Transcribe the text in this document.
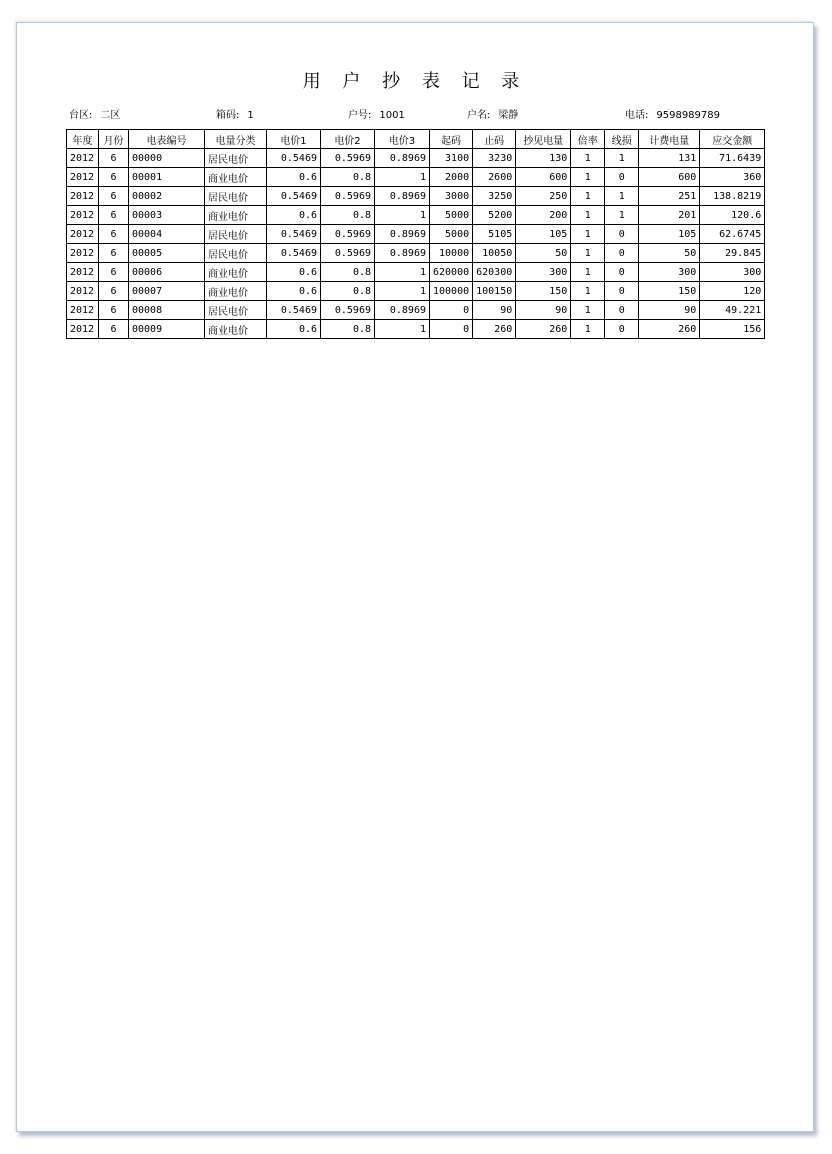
用 户 抄 表 记 录
台区: 二区	箱码: 1	户号: 1001	户名: 梁静	电话: 9598989789
年度	月份	电表编号	电量分类	电价1	电价2	电价3	起码	止码	抄见电量	倍率	线损	计费电量	应交金额
2012	6	00000	居民电价	0.5469	0.5969	0.8969	3100	3230	130	1	1	131	71.6439
2012	6	00001	商业电价	0.6	0.8	1	2000	2600	600	1	0	600	360
2012	6	00002	居民电价	0.5469	0.5969	0.8969	3000	3250	250	1	1	251	138.8219
2012	6	00003	商业电价	0.6	0.8	1	5000	5200	200	1	1	201	120.6
2012	6	00004	居民电价	0.5469	0.5969	0.8969	5000	5105	105	1	0	105	62.6745
2012	6	00005	居民电价	0.5469	0.5969	0.8969	10000	10050	50	1	0	50	29.845
2012	6	00006	商业电价	0.6	0.8	1	620000	620300	300	1	0	300	300
2012	6	00007	商业电价	0.6	0.8	1	100000	100150	150	1	0	150	120
2012	6	00008	居民电价	0.5469	0.5969	0.8969	0	90	90	1	0	90	49.221
2012	6	00009	商业电价	0.6	0.8	1	0	260	260	1	0	260	156
